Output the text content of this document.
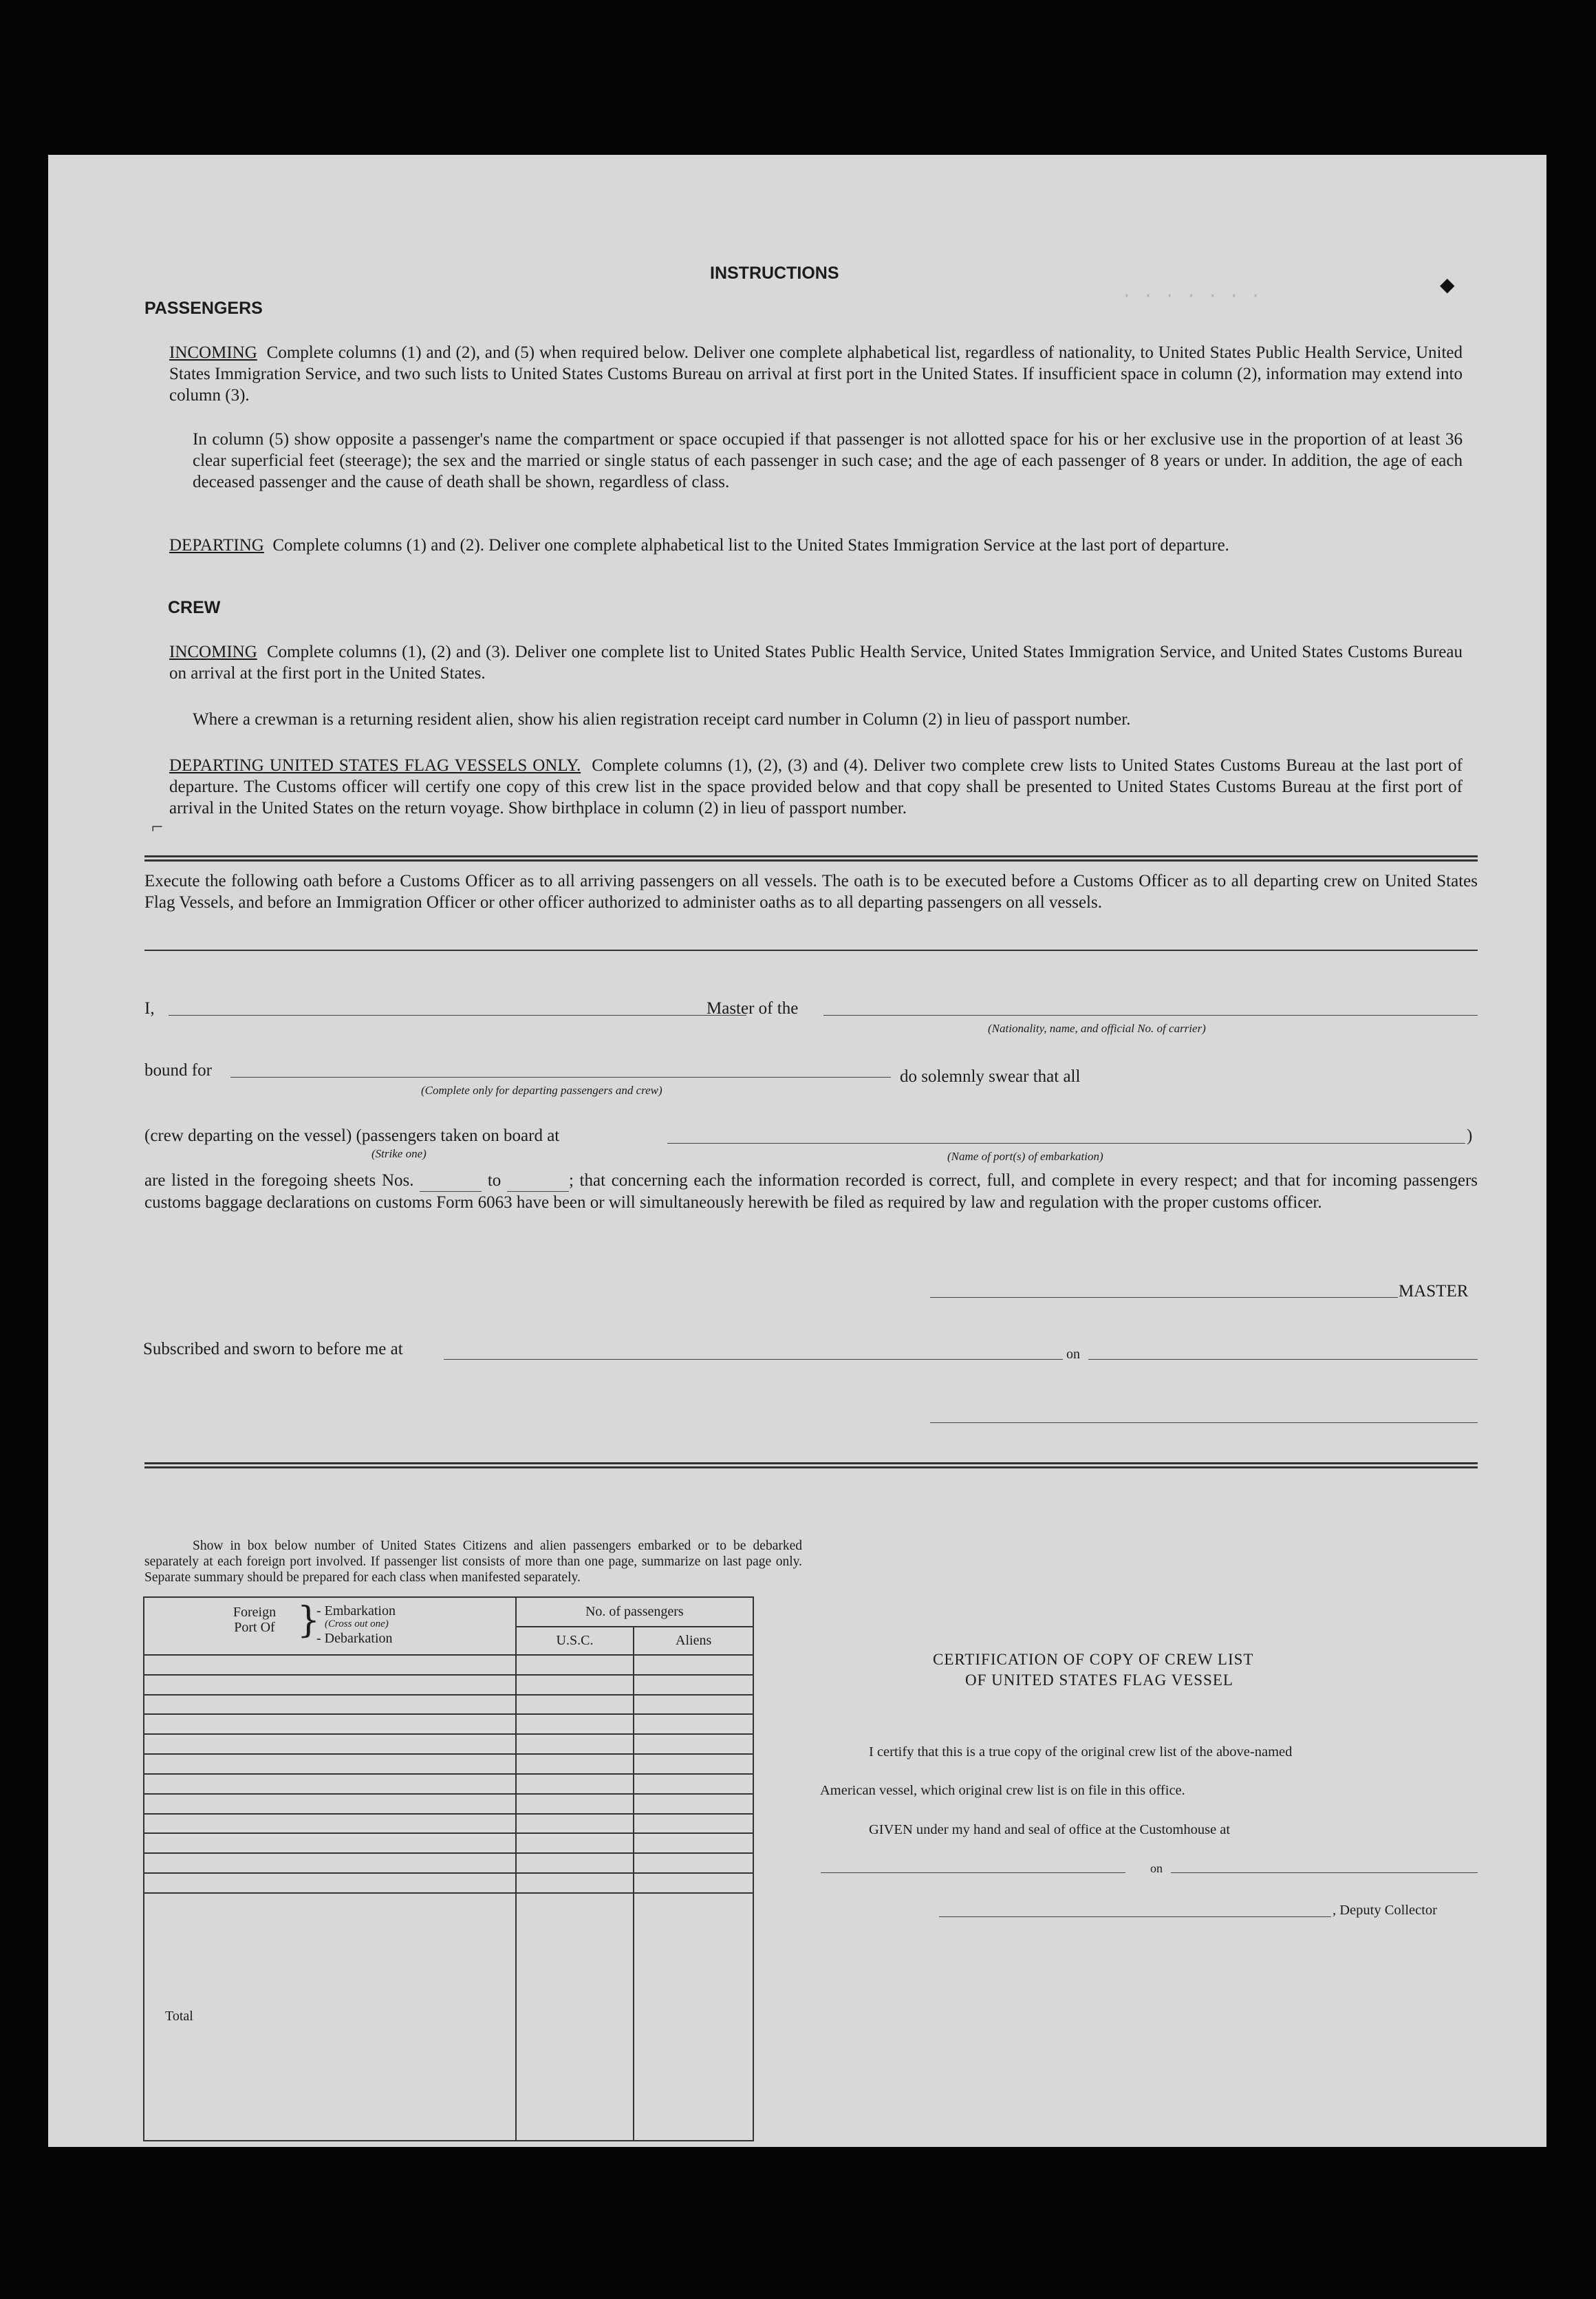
· · · · · · ·
INSTRUCTIONS
PASSENGERS
INCOMING Complete columns (1) and (2), and (5) when required below. Deliver one complete alphabetical list, regardless of nationality, to United States Public Health Service, United States Immigration Service, and two such lists to United States Customs Bureau on arrival at first port in the United States. If insufficient space in column (2), information may extend into column (3).
In column (5) show opposite a passenger's name the compartment or space occupied if that passenger is not allotted space for his or her exclusive use in the proportion of at least 36 clear superficial feet (steerage); the sex and the married or single status of each passenger in such case; and the age of each passenger of 8 years or under. In addition, the age of each deceased passenger and the cause of death shall be shown, regardless of class.
DEPARTING Complete columns (1) and (2). Deliver one complete alphabetical list to the United States Immigration Service at the last port of departure.
CREW
INCOMING Complete columns (1), (2) and (3). Deliver one complete list to United States Public Health Service, United States Immigration Service, and United States Customs Bureau on arrival at the first port in the United States.
Where a crewman is a returning resident alien, show his alien registration receipt card number in Column (2) in lieu of passport number.
DEPARTING UNITED STATES FLAG VESSELS ONLY. Complete columns (1), (2), (3) and (4). Deliver two complete crew lists to United States Customs Bureau at the last port of departure. The Customs officer will certify one copy of this crew list in the space provided below and that copy shall be presented to United States Customs Bureau at the first port of arrival in the United States on the return voyage. Show birthplace in column (2) in lieu of passport number.
Execute the following oath before a Customs Officer as to all arriving passengers on all vessels. The oath is to be executed before a Customs Officer as to all departing crew on United States Flag Vessels, and before an Immigration Officer or other officer authorized to administer oaths as to all departing passengers on all vessels.
I,	Master of the
(Nationality, name, and official No. of carrier)
bound for
(Complete only for departing passengers and crew)
do solemnly swear that all
(crew departing on the vessel) (passengers taken on board at
(Strike one)
)
(Name of port(s) of embarkation)
are listed in the foregoing sheets Nos.	to	; that concerning each the information recorded is correct, full, and complete in every respect; and that for incoming passengers customs baggage declarations on customs Form 6063 have been or will simultaneously herewith be filed as required by law and regulation with the proper customs officer.
MASTER
Subscribed and sworn to before me at	on
Show in box below number of United States Citizens and alien passengers embarked or to be debarked separately at each foreign port involved. If passenger list consists of more than one page, summarize on last page only. Separate summary should be prepared for each class when manifested separately.
Foreign Port Of }
- Embarkation
(Cross out one)
- Debarkation	No. of passengers	
	U.S.C.	Aliens

Total		
CERTIFICATION OF COPY OF CREW LIST
OF UNITED STATES FLAG VESSEL
I certify that this is a true copy of the original crew list of the above-named
American vessel, which original crew list is on file in this office.
GIVEN under my hand and seal of office at the Customhouse at
on
, Deputy Collector
⌐
◆
